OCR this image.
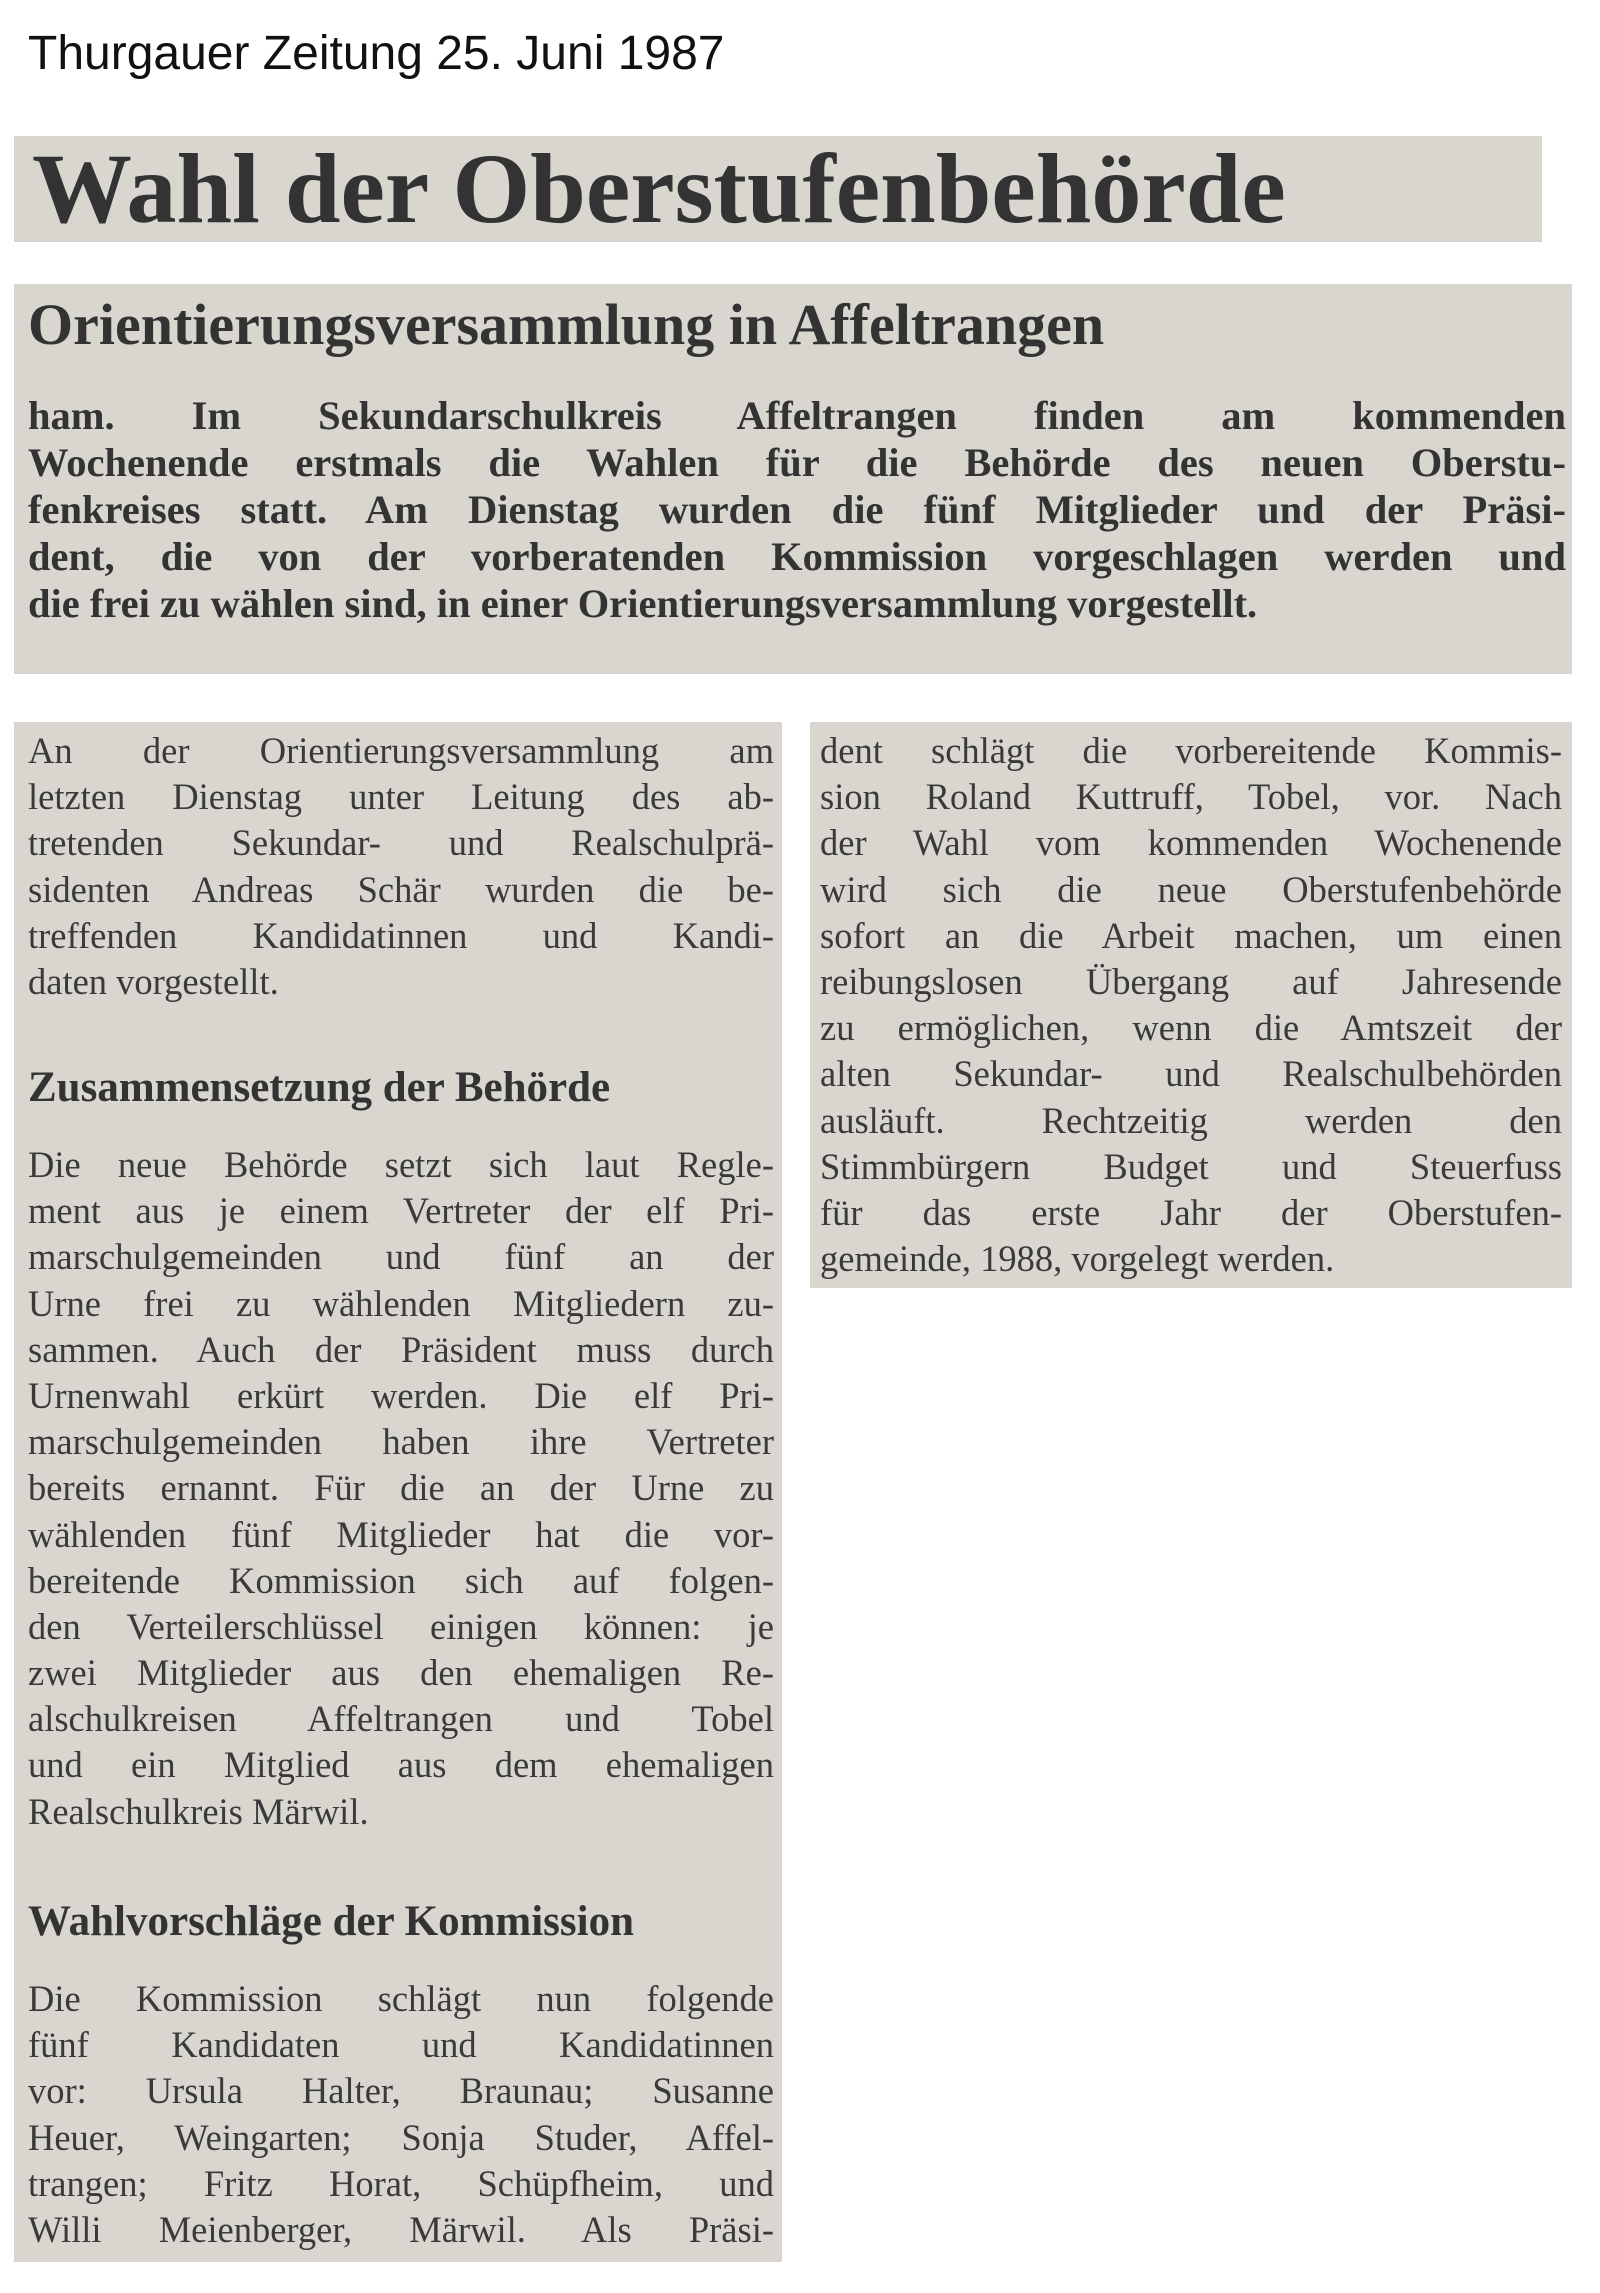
Thurgauer Zeitung 25. Juni 1987
Wahl der Oberstufenbehörde
Orientierungsversammlung in Affeltrangen
ham. Im Sekundarschulkreis Affeltrangen finden am kommenden
Wochenende erstmals die Wahlen für die Behörde des neuen Oberstu-
fenkreises statt. Am Dienstag wurden die fünf Mitglieder und der Präsi-
dent, die von der vorberatenden Kommission vorgeschlagen werden und
die frei zu wählen sind, in einer Orientierungsversammlung vorgestellt.
An der Orientierungsversammlung am
letzten Dienstag unter Leitung des ab-
tretenden Sekundar- und Realschulprä-
sidenten Andreas Schär wurden die be-
treffenden Kandidatinnen und Kandi-
daten vorgestellt.
Zusammensetzung der Behörde
Die neue Behörde setzt sich laut Regle-
ment aus je einem Vertreter der elf Pri-
marschulgemeinden und fünf an der
Urne frei zu wählenden Mitgliedern zu-
sammen. Auch der Präsident muss durch
Urnenwahl erkürt werden. Die elf Pri-
marschulgemeinden haben ihre Vertreter
bereits ernannt. Für die an der Urne zu
wählenden fünf Mitglieder hat die vor-
bereitende Kommission sich auf folgen-
den Verteilerschlüssel einigen können: je
zwei Mitglieder aus den ehemaligen Re-
alschulkreisen Affeltrangen und Tobel
und ein Mitglied aus dem ehemaligen
Realschulkreis Märwil.
Wahlvorschläge der Kommission
Die Kommission schlägt nun folgende
fünf Kandidaten und Kandidatinnen
vor: Ursula Halter, Braunau; Susanne
Heuer, Weingarten; Sonja Studer, Affel-
trangen; Fritz Horat, Schüpfheim, und
Willi Meienberger, Märwil. Als Präsi-
dent schlägt die vorbereitende Kommis-
sion Roland Kuttruff, Tobel, vor. Nach
der Wahl vom kommenden Wochenende
wird sich die neue Oberstufenbehörde
sofort an die Arbeit machen, um einen
reibungslosen Übergang auf Jahresende
zu ermöglichen, wenn die Amtszeit der
alten Sekundar- und Realschulbehörden
ausläuft. Rechtzeitig werden den
Stimmbürgern Budget und Steuerfuss
für das erste Jahr der Oberstufen-
gemeinde, 1988, vorgelegt werden.
